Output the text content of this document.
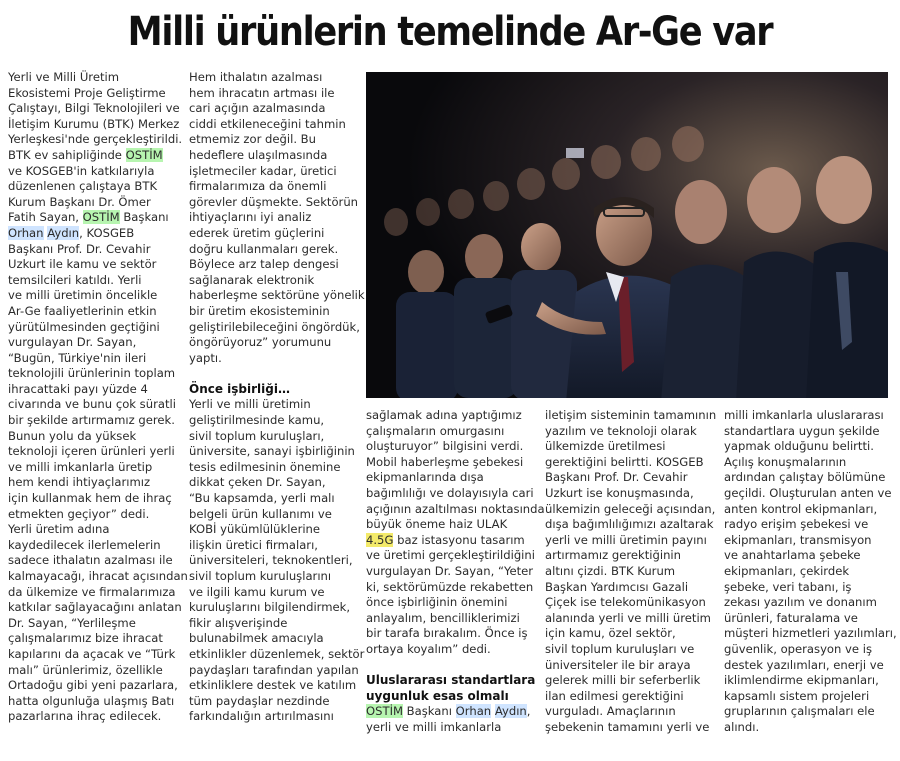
Milli ürünlerin temelinde Ar-Ge var
Yerli ve Milli Üretim
Ekosistemi Proje Geliştirme
Çalıştayı, Bilgi Teknolojileri ve
İletişim Kurumu (BTK) Merkez
Yerleşkesi'nde gerçekleştirildi.
BTK ev sahipliğinde OSTİM
ve KOSGEB'in katkılarıyla
düzenlenen çalıştaya BTK
Kurum Başkanı Dr. Ömer
Fatih Sayan, OSTİM Başkanı
Orhan Aydın, KOSGEB
Başkanı Prof. Dr. Cevahir
Uzkurt ile kamu ve sektör
temsilcileri katıldı. Yerli
ve milli üretimin öncelikle
Ar-Ge faaliyetlerinin etkin
yürütülmesinden geçtiğini
vurgulayan Dr. Sayan,
“Bugün, Türkiye'nin ileri
teknolojili ürünlerinin toplam
ihracattaki payı yüzde 4
civarında ve bunu çok süratli
bir şekilde artırmamız gerek.
Bunun yolu da yüksek
teknoloji içeren ürünleri yerli
ve milli imkanlarla üretip
hem kendi ihtiyaçlarımız
için kullanmak hem de ihraç
etmekten geçiyor” dedi.
Yerli üretim adına
kaydedilecek ilerlemelerin
sadece ithalatın azalması ile
kalmayacağı, ihracat açısından
da ülkemize ve firmalarımıza
katkılar sağlayacağını anlatan
Dr. Sayan, “Yerlileşme
çalışmalarımız bize ihracat
kapılarını da açacak ve “Türk
malı” ürünlerimiz, özellikle
Ortadoğu gibi yeni pazarlara,
hatta olgunluğa ulaşmış Batı
pazarlarına ihraç edilecek.
Hem ithalatın azalması
hem ihracatın artması ile
cari açığın azalmasında
ciddi etkileneceğini tahmin
etmemiz zor değil. Bu
hedeflere ulaşılmasında
işletmeciler kadar, üretici
firmalarımıza da önemli
görevler düşmekte. Sektörün
ihtiyaçlarını iyi analiz
ederek üretim güçlerini
doğru kullanmaları gerek.
Böylece arz talep dengesi
sağlanarak elektronik
haberleşme sektörüne yönelik
bir üretim ekosisteminin
geliştirilebileceğini öngördük,
öngörüyoruz” yorumunu
yaptı.
Önce işbirliği…
Yerli ve milli üretimin
geliştirilmesinde kamu,
sivil toplum kuruluşları,
üniversite, sanayi işbirliğinin
tesis edilmesinin önemine
dikkat çeken Dr. Sayan,
“Bu kapsamda, yerli malı
belgeli ürün kullanımı ve
KOBİ yükümlülüklerine
ilişkin üretici firmaları,
üniversiteleri, teknokentleri,
sivil toplum kuruluşlarını
ve ilgili kamu kurum ve
kuruluşlarını bilgilendirmek,
fikir alışverişinde
bulunabilmek amacıyla
etkinlikler düzenlemek, sektör
paydaşları tarafından yapılan
etkinliklere destek ve katılım
tüm paydaşlar nezdinde
farkındalığın artırılmasını
sağlamak adına yaptığımız
çalışmaların omurgasını
oluşturuyor” bilgisini verdi.
Mobil haberleşme şebekesi
ekipmanlarında dışa
bağımlılığı ve dolayısıyla cari
açığının azaltılması noktasında
büyük öneme haiz ULAK
4.5G baz istasyonu tasarım
ve üretimi gerçekleştirildiğini
vurgulayan Dr. Sayan, “Yeter
ki, sektörümüzde rekabetten
önce işbirliğinin önemini
anlayalım, bencilliklerimizi
bir tarafa bırakalım. Önce iş
ortaya koyalım” dedi.
Uluslararası standartlara
uygunluk esas olmalı
OSTİM Başkanı Orhan Aydın,
yerli ve milli imkanlarla
iletişim sisteminin tamamının
yazılım ve teknoloji olarak
ülkemizde üretilmesi
gerektiğini belirtti. KOSGEB
Başkanı Prof. Dr. Cevahir
Uzkurt ise konuşmasında,
ülkemizin geleceği açısından,
dışa bağımlılığımızı azaltarak
yerli ve milli üretimin payını
artırmamız gerektiğinin
altını çizdi. BTK Kurum
Başkan Yardımcısı Gazali
Çiçek ise telekomünikasyon
alanında yerli ve milli üretim
için kamu, özel sektör,
sivil toplum kuruluşları ve
üniversiteler ile bir araya
gelerek milli bir seferberlik
ilan edilmesi gerektiğini
vurguladı. Amaçlarının
şebekenin tamamını yerli ve
milli imkanlarla uluslararası
standartlara uygun şekilde
yapmak olduğunu belirtti.
Açılış konuşmalarının
ardından çalıştay bölümüne
geçildi. Oluşturulan anten ve
anten kontrol ekipmanları,
radyo erişim şebekesi ve
ekipmanları, transmisyon
ve anahtarlama şebeke
ekipmanları, çekirdek
şebeke, veri tabanı, iş
zekası yazılım ve donanım
ürünleri, faturalama ve
müşteri hizmetleri yazılımları,
güvenlik, operasyon ve iş
destek yazılımları, enerji ve
iklimlendirme ekipmanları,
kapsamlı sistem projeleri
gruplarının çalışmaları ele
alındı.
